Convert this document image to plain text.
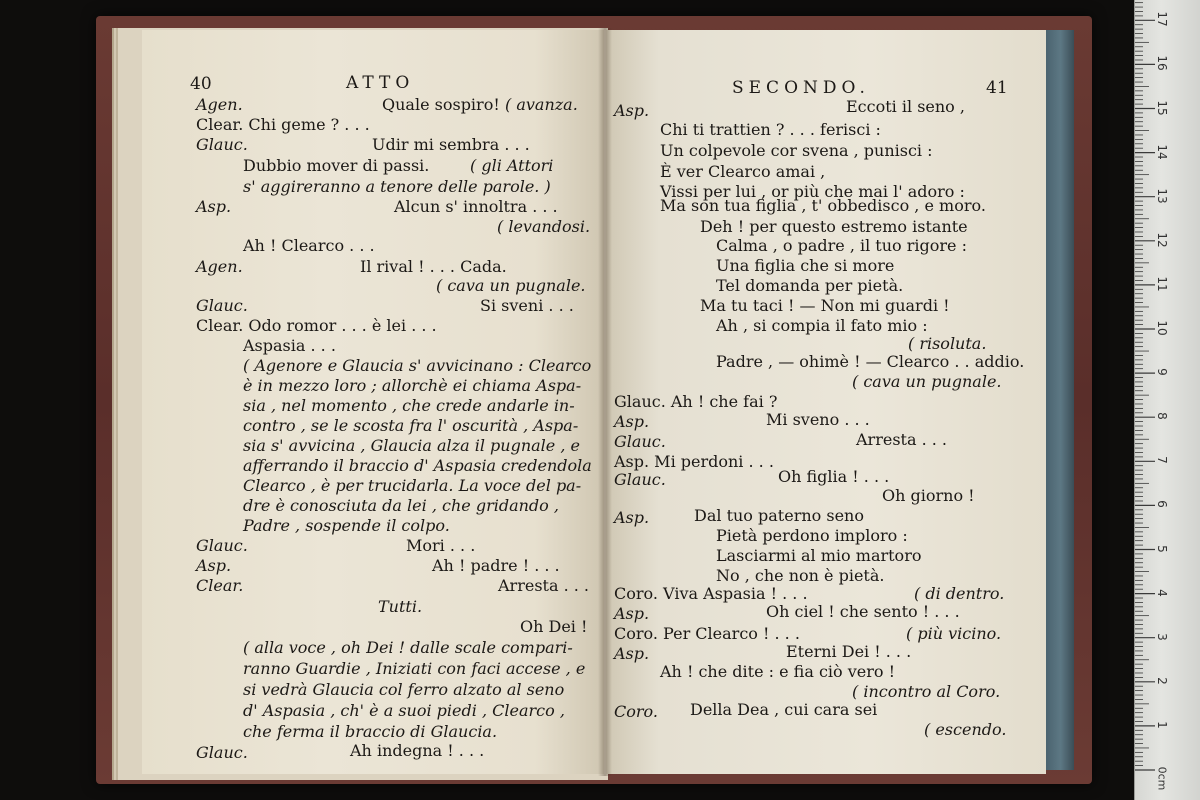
40	ATTO
Agen.	Quale sospiro! ( avanza.
Clear. Chi geme ? . . .
Glauc.	Udir mi sembra . . .
Dubbio mover di passi.	( gli Attori
s' aggireranno a tenore delle parole. )
Asp.	Alcun s' innoltra . . .
( levandosi.
Ah ! Clearco . . .
Agen.	Il rival ! . . . Cada.
( cava un pugnale.
Glauc.	Si sveni . . .
Clear. Odo romor . . . è lei . . .
Aspasia . . .
( Agenore e Glaucia s' avvicinano : Clearco
è in mezzo loro ; allorchè ei chiama Aspa-
sia , nel momento , che crede andarle in-
contro , se le scosta fra l' oscurità , Aspa-
sia s' avvicina , Glaucia alza il pugnale , e
afferrando il braccio d' Aspasia credendola
Clearco , è per trucidarla. La voce del pa-
dre è conosciuta da lei , che gridando ,
Padre , sospende il colpo.
Glauc.	Mori . . .
Asp.	Ah ! padre ! . . .
Clear.	Arresta . . .
Tutti.
Oh Dei !
( alla voce , oh Dei ! dalle scale compari-
ranno Guardie , Iniziati con faci accese , e
si vedrà Glaucia col ferro alzato al seno
d' Aspasia , ch' è a suoi piedi , Clearco ,
che ferma il braccio di Glaucia.
Glauc.	Ah indegna ! . . .
SECONDO.	41
Asp.	Eccoti il seno ,
Chi ti trattien ? . . . ferisci :
Un colpevole cor svena , punisci :
È ver Clearco amai ,
Vissi per lui , or più che mai l' adoro :
Ma son tua figlia , t' obbedisco , e moro.
Deh ! per questo estremo istante
Calma , o padre , il tuo rigore :
Una figlia che si more
Tel domanda per pietà.
Ma tu taci ! — Non mi guardi !
Ah , si compia il fato mio :
( risoluta.
Padre , — ohimè ! — Clearco . . addio.
( cava un pugnale.
Glauc. Ah ! che fai ?
Asp.	Mi sveno . . .
Glauc.	Arresta . . .
Asp. Mi perdoni . . .
Glauc.	Oh figlia ! . . .
Oh giorno !
Asp.	Dal tuo paterno seno
Pietà perdono imploro :
Lasciarmi al mio martoro
No , che non è pietà.
Coro. Viva Aspasia ! . . .	( di dentro.
Asp.	Oh ciel ! che sento ! . . .
Coro. Per Clearco ! . . .	( più vicino.
Asp.	Eterni Dei ! . . .
Ah ! che dite : e fia ciò vero !
( incontro al Coro.
Coro. Della Dea , cui cara sei
( escendo.
0cm
1
2
3
4
5
6
7
8
9
10
11
12
13
14
15
16
17
